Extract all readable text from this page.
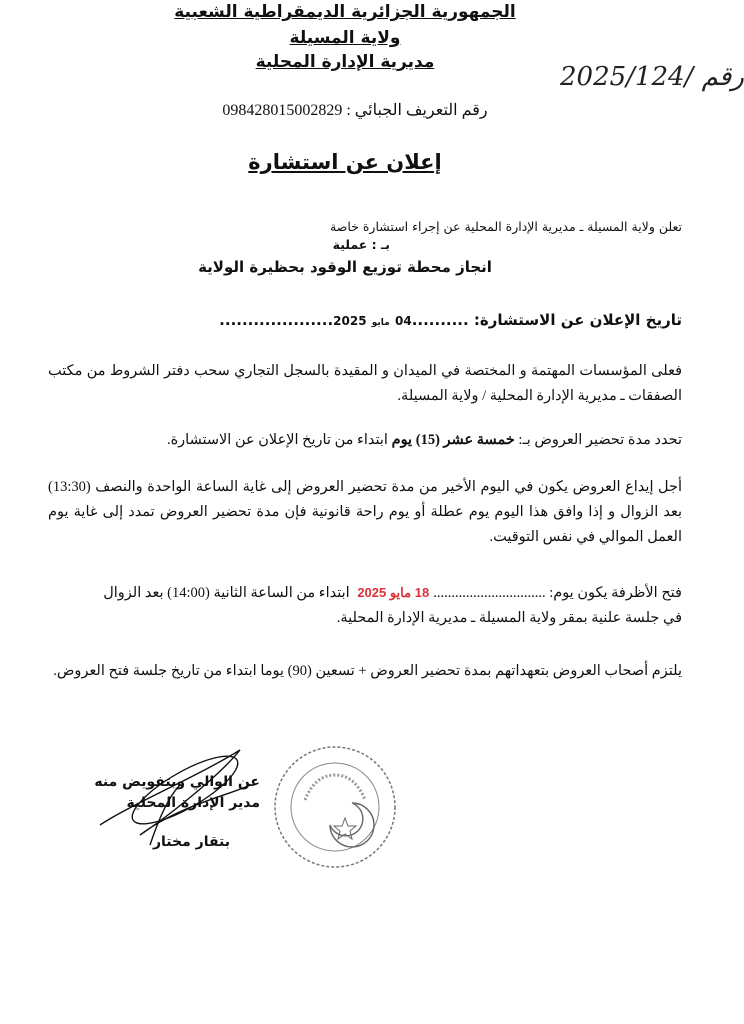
الجمهورية الجزائرية الديمقراطية الشعبية
ولاية المسيلة
مديرية الإدارة المحلية	2025/124/ رقم
رقم التعريف الجبائي : 098428015002829
إعلان عن استشارة
تعلن ولاية المسيلة ـ مديرية الإدارة المحلية عن إجراء استشارة خاصة
بـ : عملية
انجاز محطة توزيع الوقود بحظيرة الولاية
تاريخ الإعلان عن الاستشارة: ..........04 مايو 2025....................
فعلى المؤسسات المهتمة و المختصة في الميدان و المقيدة بالسجل التجاري سحب دفتر الشروط من مكتب الصفقات ـ مديرية الإدارة المحلية / ولاية المسيلة.
تحدد مدة تحضير العروض بـ: خمسة عشر (15) يوم ابتداء من تاريخ الإعلان عن الاستشارة.
أجل إيداع العروض يكون في اليوم الأخير من مدة تحضير العروض إلى غاية الساعة الواحدة والنصف (13:30) بعد الزوال و إذا وافق هذا اليوم يوم عطلة أو يوم راحة قانونية فإن مدة تحضير العروض تمدد إلى غاية يوم العمل الموالي في نفس التوقيت.
فتح الأظرفة يكون يوم: ...............................18 مايو 2025 ابتداء من الساعة الثانية (14:00) بعد الزوال
في جلسة علنية بمقر ولاية المسيلة ـ مديرية الإدارة المحلية.
يلتزم أصحاب العروض بتعهداتهم بمدة تحضير العروض + تسعين (90) يوما ابتداء من تاريخ جلسة فتح العروض.
عن الوالي وبتفويض منه
مدير الإدارة المحلية
بتقار مختار
